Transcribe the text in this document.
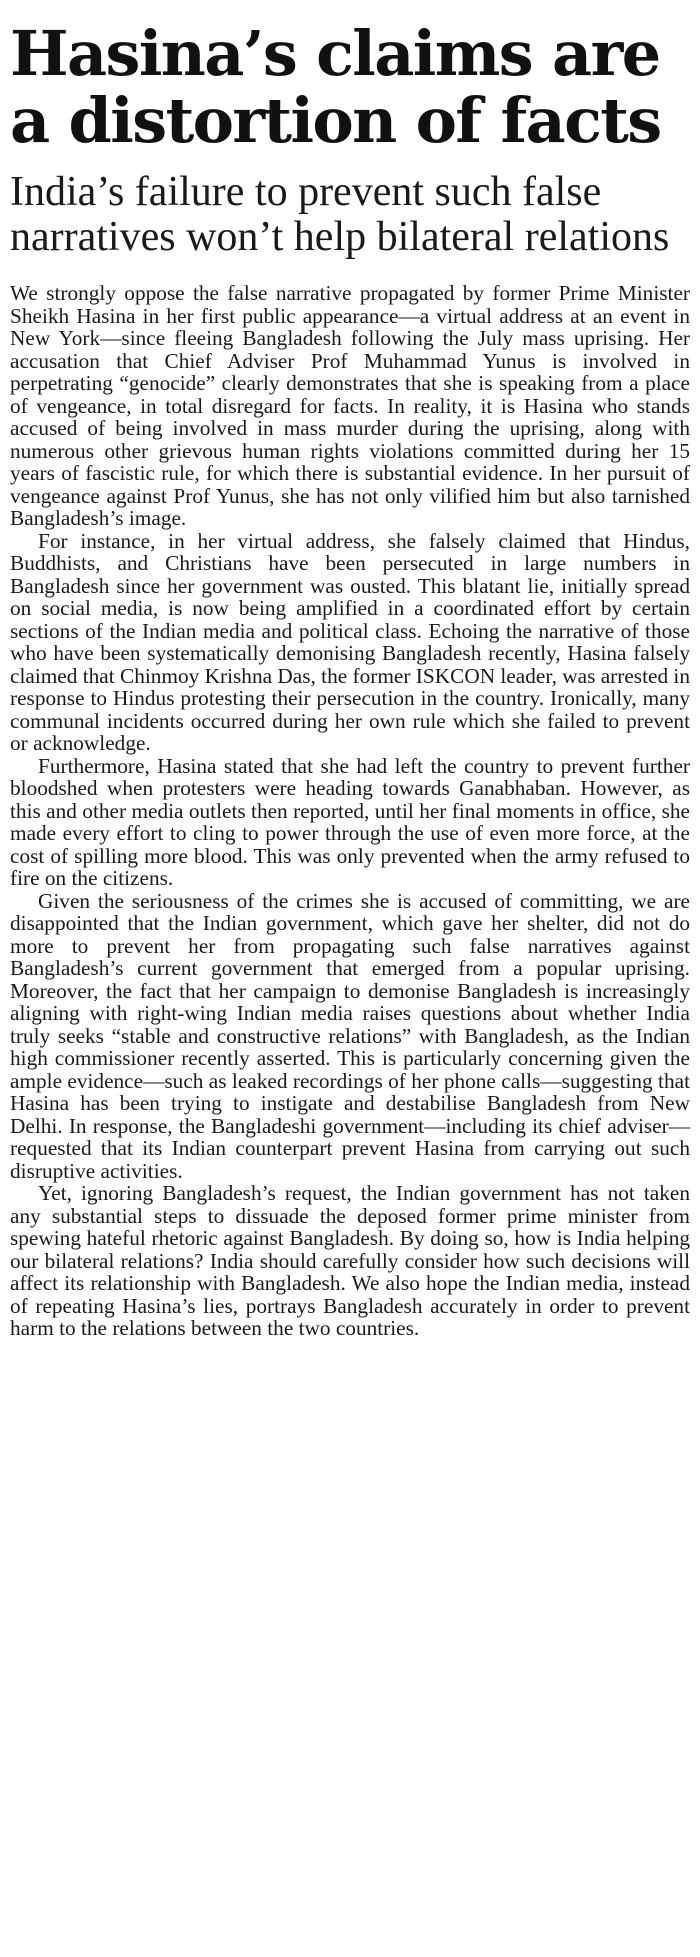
Hasina’s claims are a distortion of facts
India’s failure to prevent such false narratives won’t help bilateral relations

We strongly oppose the false narrative propagated by former Prime Minister Sheikh Hasina in her first public appearance—a virtual address at an event in New York—since fleeing Bangladesh following the July mass uprising. Her accusation that Chief Adviser Prof Muhammad Yunus is involved in perpetrating “genocide” clearly demonstrates that she is speaking from a place of vengeance, in total disregard for facts. In reality, it is Hasina who stands accused of being involved in mass murder during the uprising, along with numerous other grievous human rights violations committed during her 15 years of fascistic rule, for which there is substantial evidence. In her pursuit of vengeance against Prof Yunus, she has not only vilified him but also tarnished Bangladesh’s image.

For instance, in her virtual address, she falsely claimed that Hindus, Buddhists, and Christians have been persecuted in large numbers in Bangladesh since her government was ousted. This blatant lie, initially spread on social media, is now being amplified in a coordinated effort by certain sections of the Indian media and political class. Echoing the narrative of those who have been systematically demonising Bangladesh recently, Hasina falsely claimed that Chinmoy Krishna Das, the former ISKCON leader, was arrested in response to Hindus protesting their persecution in the country. Ironically, many communal incidents occurred during her own rule which she failed to prevent or acknowledge.

Furthermore, Hasina stated that she had left the country to prevent further bloodshed when protesters were heading towards Ganabhaban. However, as this and other media outlets then reported, until her final moments in office, she made every effort to cling to power through the use of even more force, at the cost of spilling more blood. This was only prevented when the army refused to fire on the citizens.

Given the seriousness of the crimes she is accused of committing, we are disappointed that the Indian government, which gave her shelter, did not do more to prevent her from propagating such false narratives against Bangladesh’s current government that emerged from a popular uprising. Moreover, the fact that her campaign to demonise Bangladesh is increasingly aligning with right-wing Indian media raises questions about whether India truly seeks “stable and constructive relations” with Bangladesh, as the Indian high commissioner recently asserted. This is particularly concerning given the ample evidence—such as leaked recordings of her phone calls—suggesting that Hasina has been trying to instigate and destabilise Bangladesh from New Delhi. In response, the Bangladeshi government—including its chief adviser—requested that its Indian counterpart prevent Hasina from carrying out such disruptive activities.

Yet, ignoring Bangladesh’s request, the Indian government has not taken any substantial steps to dissuade the deposed former prime minister from spewing hateful rhetoric against Bangladesh. By doing so, how is India helping our bilateral relations? India should carefully consider how such decisions will affect its relationship with Bangladesh. We also hope the Indian media, instead of repeating Hasina’s lies, portrays Bangladesh accurately in order to prevent harm to the relations between the two countries.
